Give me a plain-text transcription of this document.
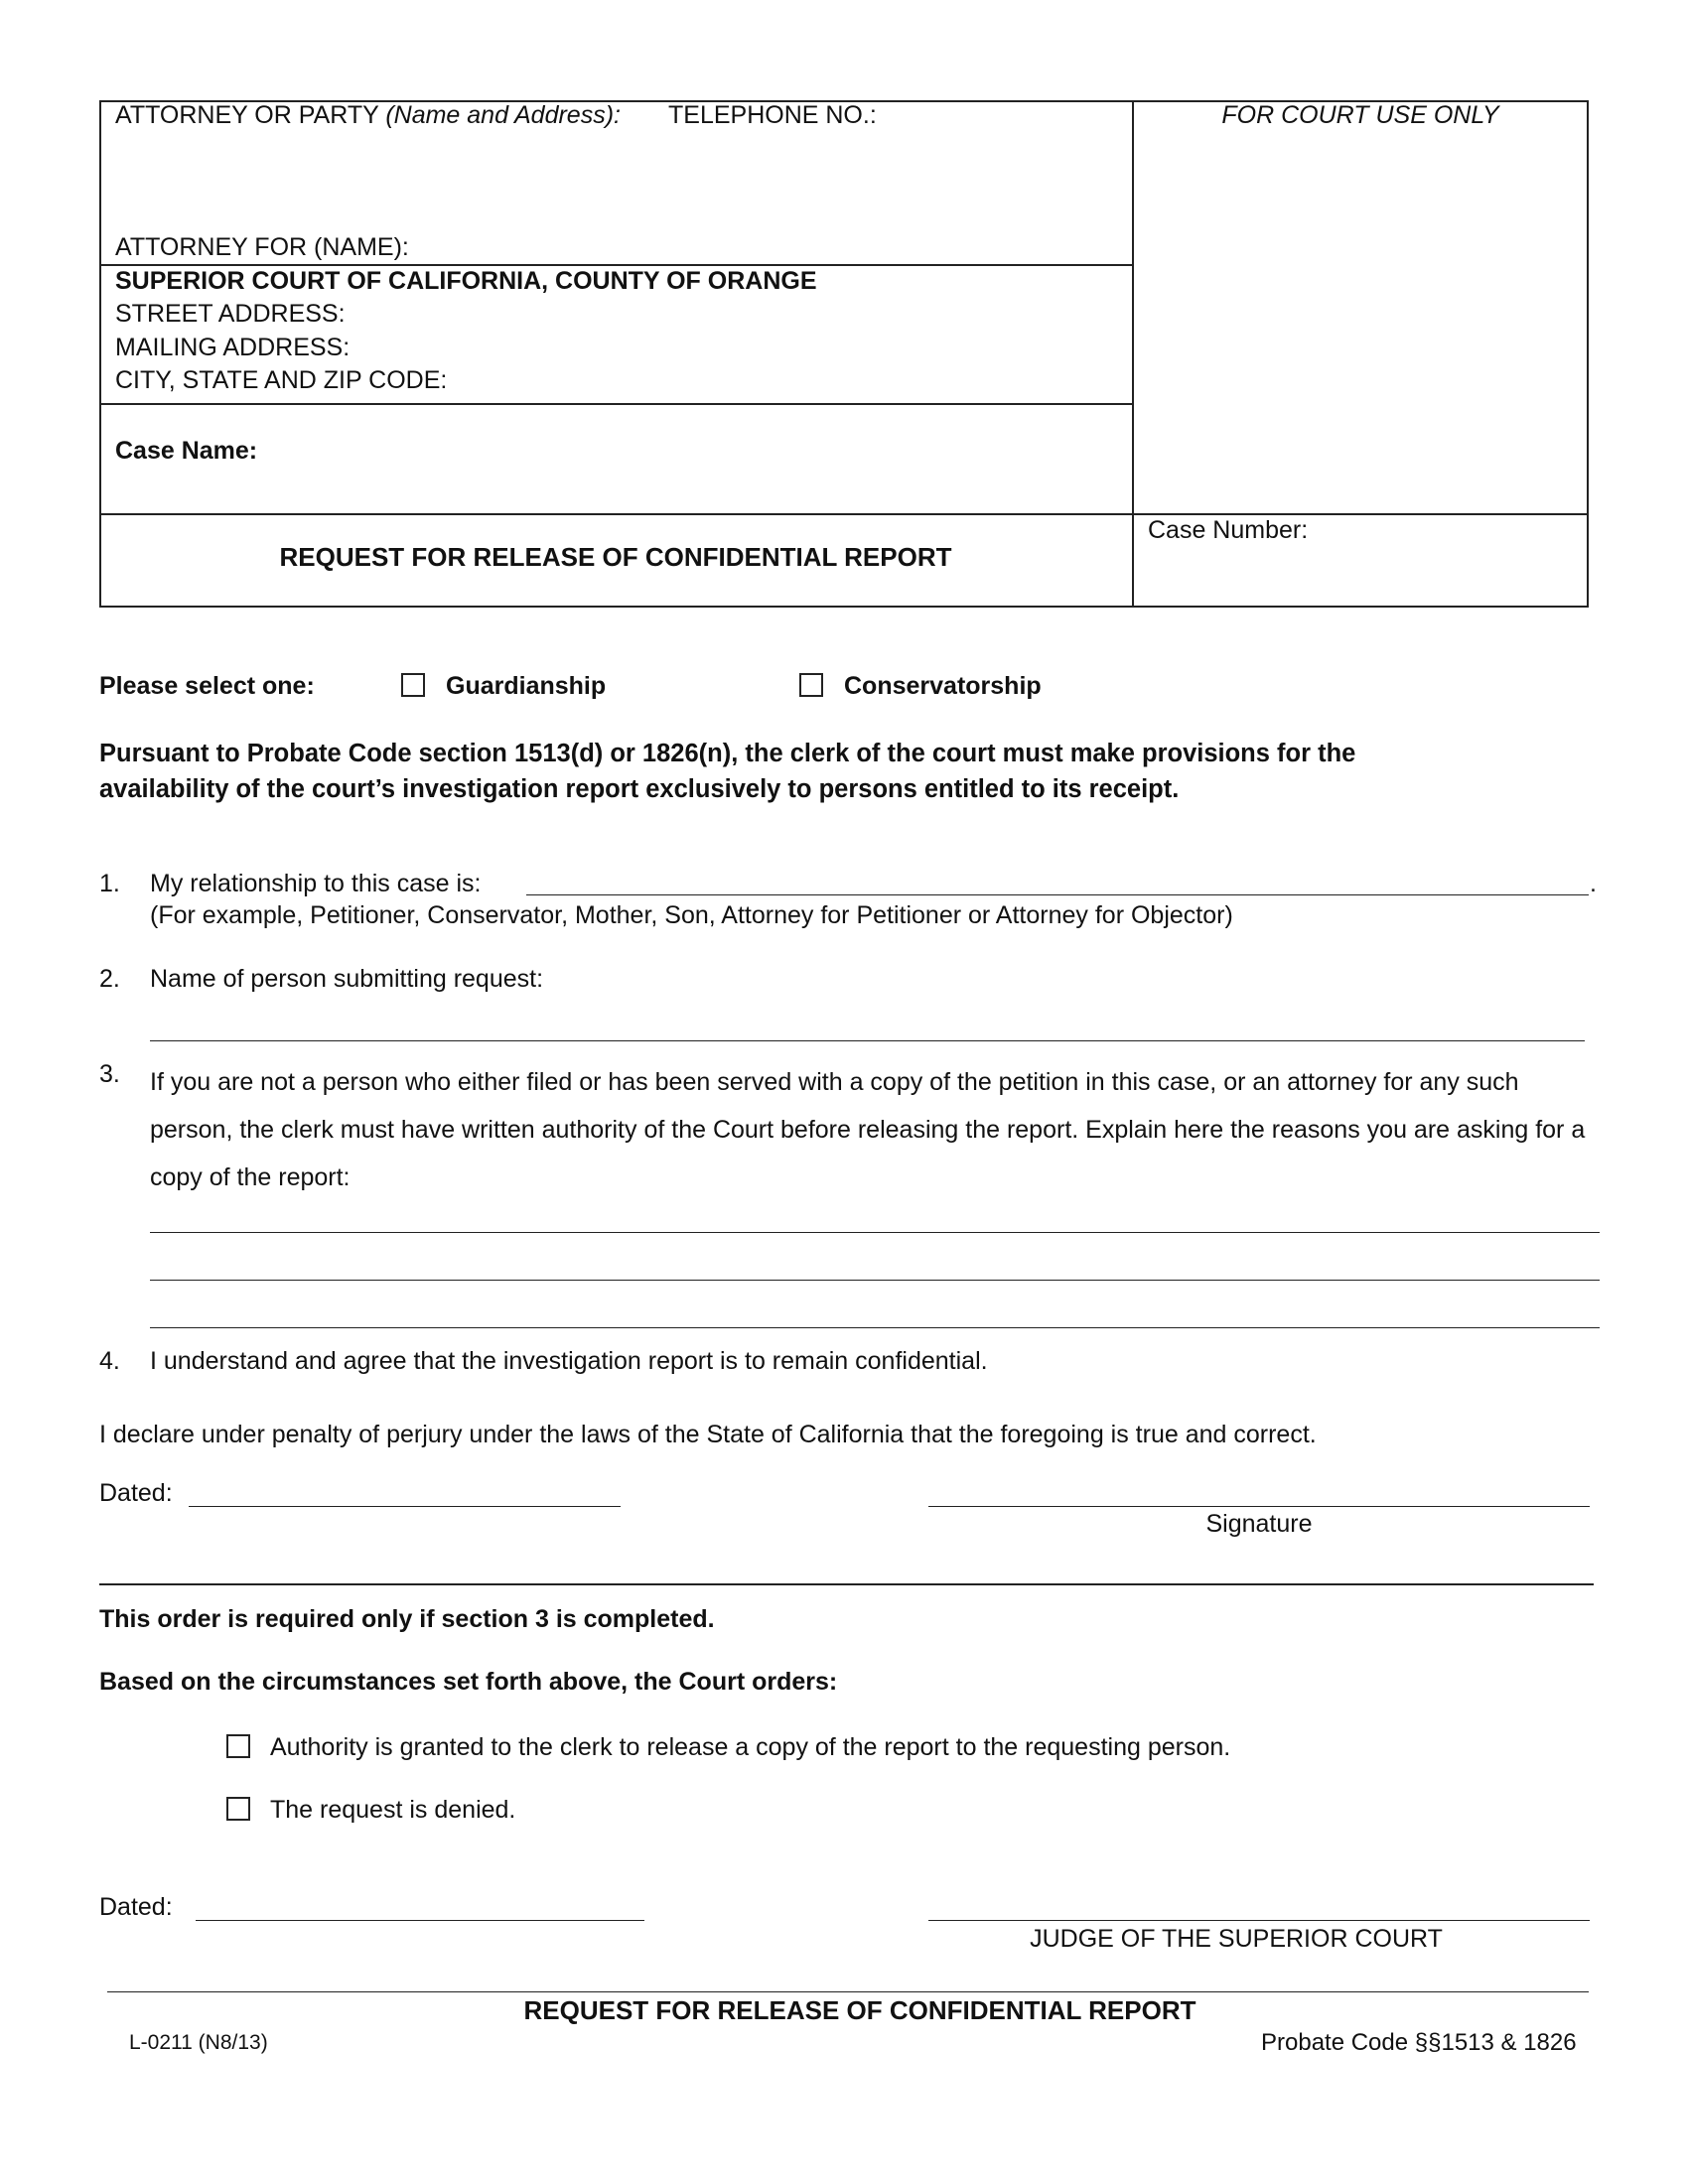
ATTORNEY OR PARTY (Name and Address): TELEPHONE NO.:
ATTORNEY FOR (NAME):
SUPERIOR COURT OF CALIFORNIA, COUNTY OF ORANGE
STREET ADDRESS:
MAILING ADDRESS:
CITY, STATE AND ZIP CODE:
Case Name:
FOR COURT USE ONLY
REQUEST FOR RELEASE OF CONFIDENTIAL REPORT
Case Number:
Please select one:	Guardianship	Conservatorship
Pursuant to Probate Code section 1513(d) or 1826(n), the clerk of the court must make provisions for the availability of the court’s investigation report exclusively to persons entitled to its receipt.
1. My relationship to this case is:	.
(For example, Petitioner, Conservator, Mother, Son, Attorney for Petitioner or Attorney for Objector)
2. Name of person submitting request:
3. If you are not a person who either filed or has been served with a copy of the petition in this case, or an attorney for any such person, the clerk must have written authority of the Court before releasing the report. Explain here the reasons you are asking for a copy of the report:
4. I understand and agree that the investigation report is to remain confidential.
I declare under penalty of perjury under the laws of the State of California that the foregoing is true and correct.
Dated:
Signature
This order is required only if section 3 is completed.
Based on the circumstances set forth above, the Court orders:
Authority is granted to the clerk to release a copy of the report to the requesting person.
The request is denied.
Dated:
JUDGE OF THE SUPERIOR COURT
REQUEST FOR RELEASE OF CONFIDENTIAL REPORT
L-0211 (N8/13)	Probate Code §§1513 & 1826
